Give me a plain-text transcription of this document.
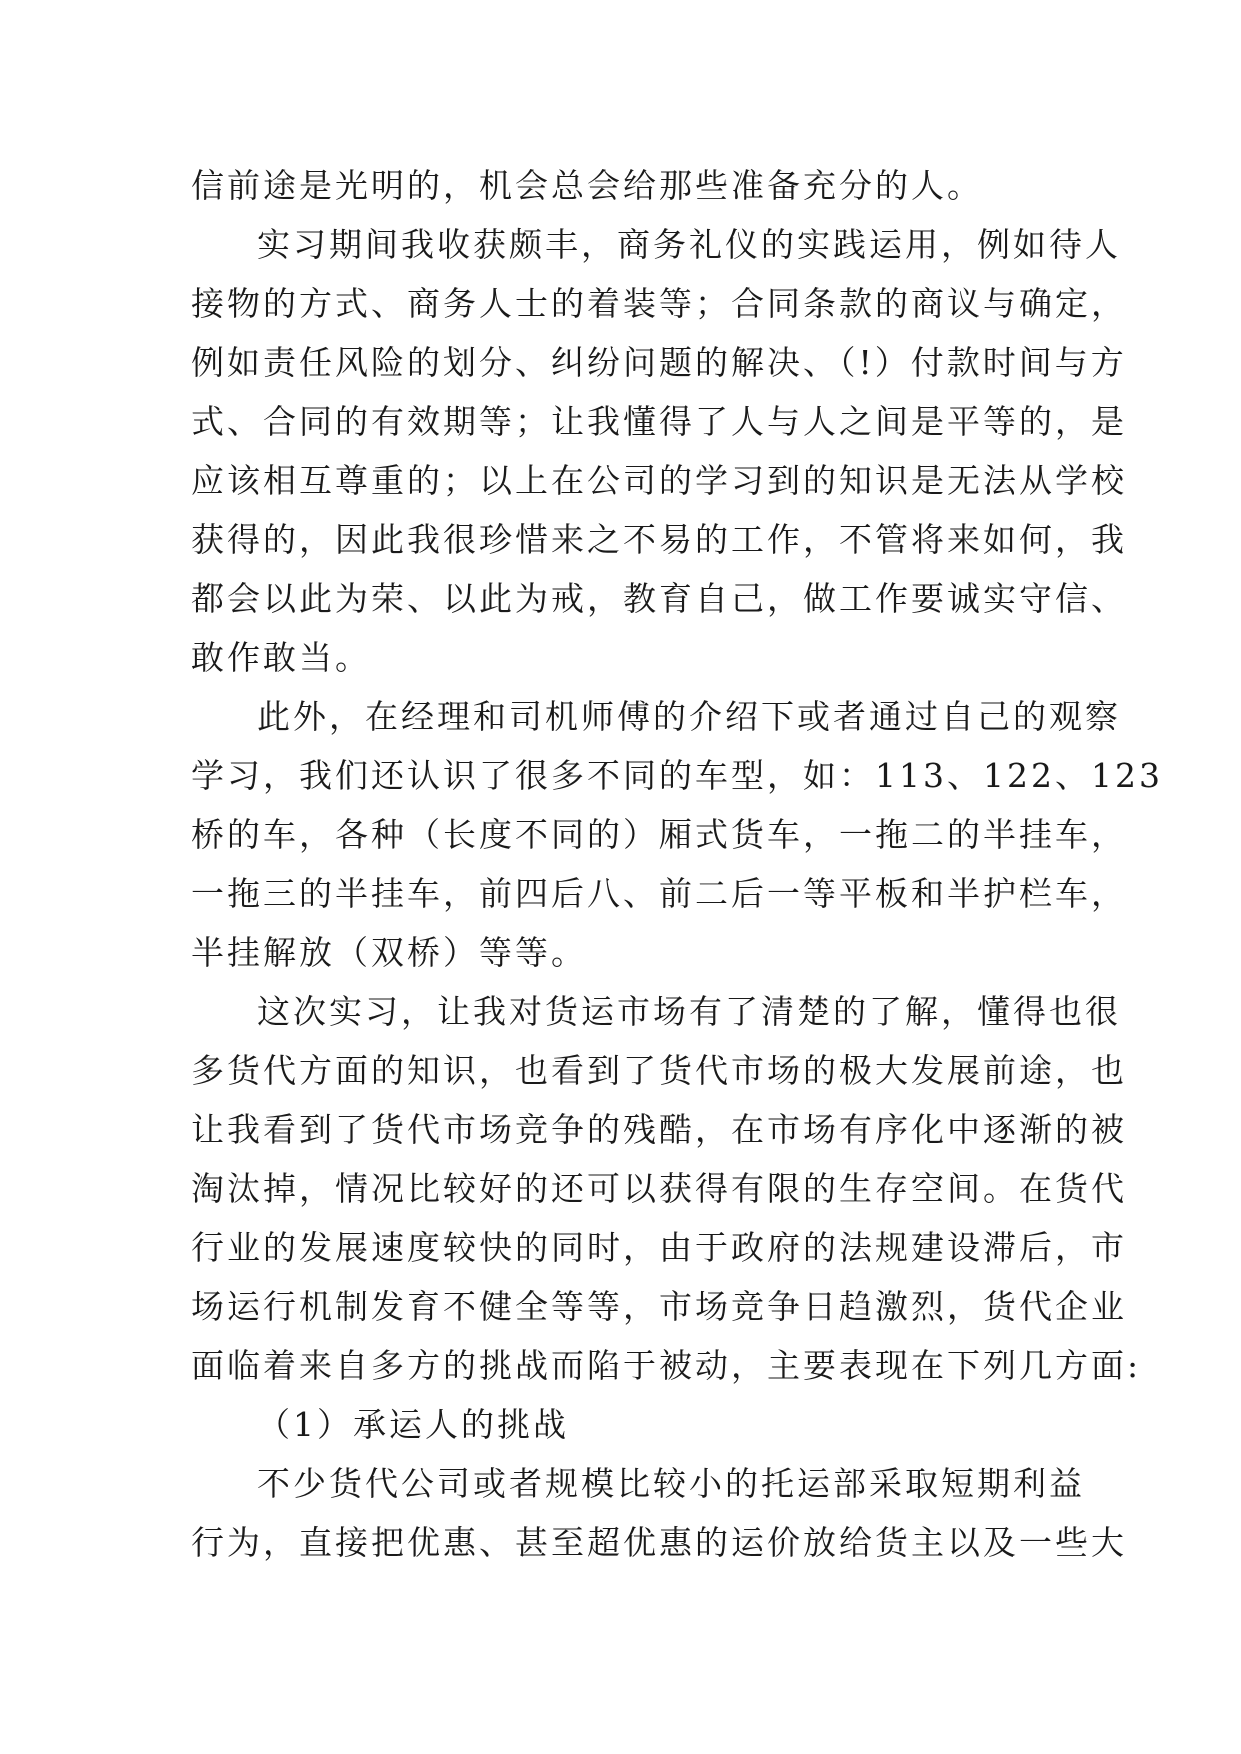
信前途是光明的，机会总会给那些准备充分的人。
实习期间我收获颇丰，商务礼仪的实践运用，例如待人
接物的方式、商务人士的着装等；合同条款的商议与确定，
例如责任风险的划分、纠纷问题的解决、（!）付款时间与方
式、合同的有效期等；让我懂得了人与人之间是平等的，是
应该相互尊重的；以上在公司的学习到的知识是无法从学校
获得的，因此我很珍惜来之不易的工作，不管将来如何，我
都会以此为荣、以此为戒，教育自己，做工作要诚实守信、
敢作敢当。
此外，在经理和司机师傅的介绍下或者通过自己的观察
学习，我们还认识了很多不同的车型，如：113、122、123
桥的车，各种（长度不同的）厢式货车，一拖二的半挂车，
一拖三的半挂车，前四后八、前二后一等平板和半护栏车，
半挂解放（双桥）等等。
这次实习，让我对货运市场有了清楚的了解，懂得也很
多货代方面的知识，也看到了货代市场的极大发展前途，也
让我看到了货代市场竞争的残酷，在市场有序化中逐渐的被
淘汰掉，情况比较好的还可以获得有限的生存空间。在货代
行业的发展速度较快的同时，由于政府的法规建设滞后，市
场运行机制发育不健全等等，市场竞争日趋激烈，货代企业
面临着来自多方的挑战而陷于被动，主要表现在下列几方面:
（1）承运人的挑战
不少货代公司或者规模比较小的托运部采取短期利益
行为，直接把优惠、甚至超优惠的运价放给货主以及一些大
